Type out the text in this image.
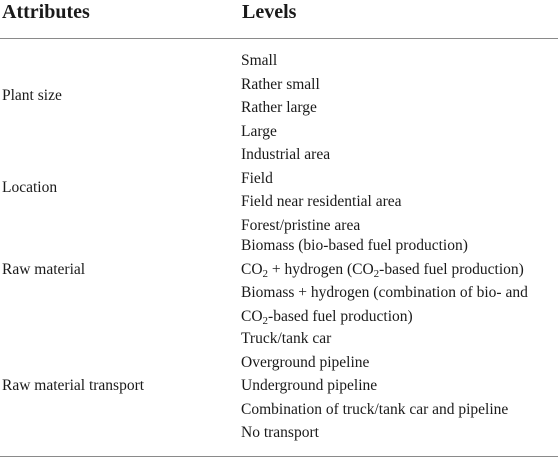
Attributes	Levels
Plant size
Small
Rather small
Rather large
Large
Location
Industrial area
Field
Field near residential area
Forest/pristine area
Raw material
Biomass (bio-based fuel production)
$CO_2$ + hydrogen ($CO_2$-based fuel production)
Biomass + hydrogen (combination of bio- and $CO_2$-based fuel production)
Raw material transport
Truck/tank car
Overground pipeline
Underground pipeline
Combination of truck/tank car and pipeline
No transport
